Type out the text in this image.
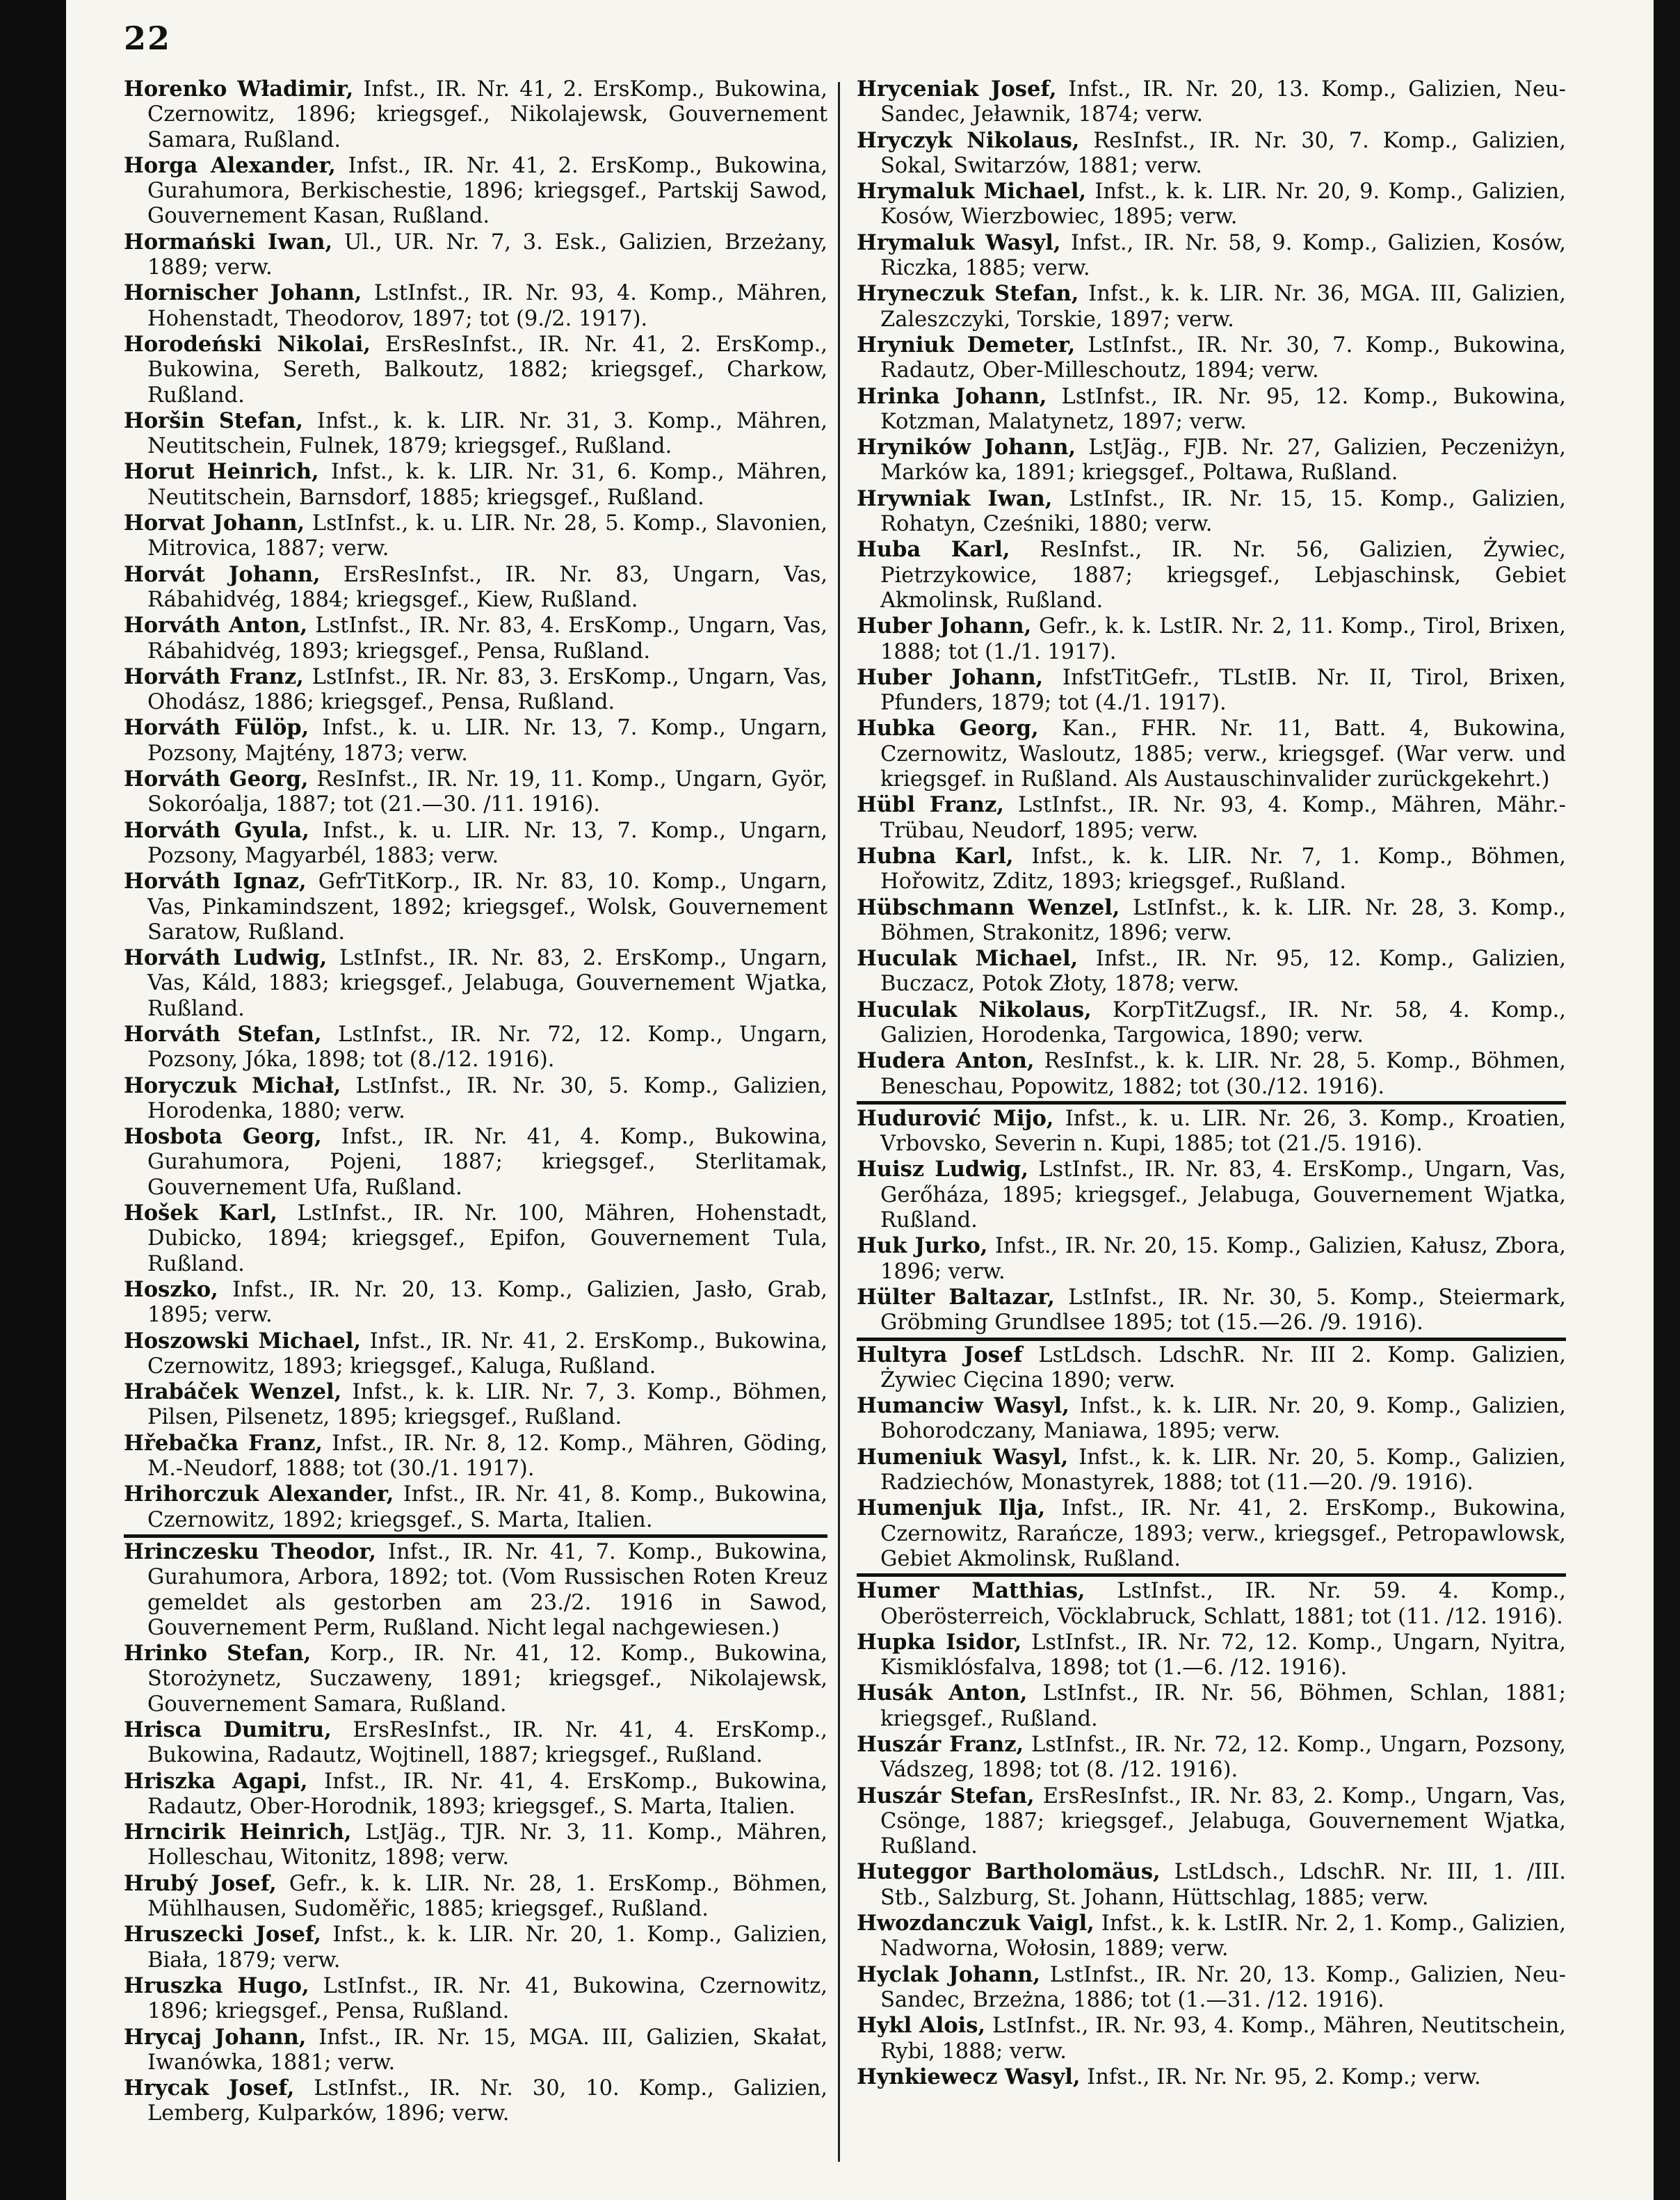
22

Horenko Władimir, Infst., IR. Nr. 41, 2. ErsKomp., Bukowina, Czernowitz, 1896; kriegsgef., Nikolajewsk, Gouvernement Samara, Rußland.

Horga Alexander, Infst., IR. Nr. 41, 2. ErsKomp., Bukowina, Gurahumora, Berkischestie, 1896; kriegsgef., Partskij Sawod, Gouvernement Kasan, Rußland.

Hormański Iwan, Ul., UR. Nr. 7, 3. Esk., Galizien, Brzeżany, 1889; verw.

Hornischer Johann, LstInfst., IR. Nr. 93, 4. Komp., Mähren, Hohenstadt, Theodorov, 1897; tot (9./2. 1917).

Horodeński Nikolai, ErsResInfst., IR. Nr. 41, 2. ErsKomp., Bukowina, Sereth, Balkoutz, 1882; kriegsgef., Charkow, Rußland.

Horšin Stefan, Infst., k. k. LIR. Nr. 31, 3. Komp., Mähren, Neutitschein, Fulnek, 1879; kriegsgef., Rußland.

Horut Heinrich, Infst., k. k. LIR. Nr. 31, 6. Komp., Mähren, Neutitschein, Barnsdorf, 1885; kriegsgef., Rußland.

Horvat Johann, LstInfst., k. u. LIR. Nr. 28, 5. Komp., Slavonien, Mitrovica, 1887; verw.

Horvát Johann, ErsResInfst., IR. Nr. 83, Ungarn, Vas, Rábahidvég, 1884; kriegsgef., Kiew, Rußland.

Horváth Anton, LstInfst., IR. Nr. 83, 4. ErsKomp., Ungarn, Vas, Rábahidvég, 1893; kriegsgef., Pensa, Rußland.

Horváth Franz, LstInfst., IR. Nr. 83, 3. ErsKomp., Ungarn, Vas, Ohodász, 1886; kriegsgef., Pensa, Rußland.

Horváth Fülöp, Infst., k. u. LIR. Nr. 13, 7. Komp., Ungarn, Pozsony, Majtény, 1873; verw.

Horváth Georg, ResInfst., IR. Nr. 19, 11. Komp., Ungarn, Györ, Sokoróalja, 1887; tot (21.—30. /11. 1916).

Horváth Gyula, Infst., k. u. LIR. Nr. 13, 7. Komp., Ungarn, Pozsony, Magyarbél, 1883; verw.

Horváth Ignaz, GefrTitKorp., IR. Nr. 83, 10. Komp., Ungarn, Vas, Pinkamindszent, 1892; kriegsgef., Wolsk, Gouvernement Saratow, Rußland.

Horváth Ludwig, LstInfst., IR. Nr. 83, 2. ErsKomp., Ungarn, Vas, Káld, 1883; kriegsgef., Jelabuga, Gouvernement Wjatka, Rußland.

Horváth Stefan, LstInfst., IR. Nr. 72, 12. Komp., Ungarn, Pozsony, Jóka, 1898; tot (8./12. 1916).

Horyczuk Michał, LstInfst., IR. Nr. 30, 5. Komp., Galizien, Horodenka, 1880; verw.

Hosbota Georg, Infst., IR. Nr. 41, 4. Komp., Bukowina, Gurahumora, Pojeni, 1887; kriegsgef., Sterlitamak, Gouvernement Ufa, Rußland.

Hošek Karl, LstInfst., IR. Nr. 100, Mähren, Hohenstadt, Dubicko, 1894; kriegsgef., Epifon, Gouvernement Tula, Rußland.

Hoszko, Infst., IR. Nr. 20, 13. Komp., Galizien, Jasło, Grab, 1895; verw.

Hoszowski Michael, Infst., IR. Nr. 41, 2. ErsKomp., Bukowina, Czernowitz, 1893; kriegsgef., Kaluga, Rußland.

Hrabáček Wenzel, Infst., k. k. LIR. Nr. 7, 3. Komp., Böhmen, Pilsen, Pilsenetz, 1895; kriegsgef., Rußland.

Hřebačka Franz, Infst., IR. Nr. 8, 12. Komp., Mähren, Göding, M.-Neudorf, 1888; tot (30./1. 1917).

Hrihorczuk Alexander, Infst., IR. Nr. 41, 8. Komp., Bukowina, Czernowitz, 1892; kriegsgef., S. Marta, Italien.

Hrinczesku Theodor, Infst., IR. Nr. 41, 7. Komp., Bukowina, Gurahumora, Arbora, 1892; tot. (Vom Russischen Roten Kreuz gemeldet als gestorben am 23./2. 1916 in Sawod, Gouvernement Perm, Rußland. Nicht legal nachgewiesen.)

Hrinko Stefan, Korp., IR. Nr. 41, 12. Komp., Bukowina, Storożynetz, Suczaweny, 1891; kriegsgef., Nikolajewsk, Gouvernement Samara, Rußland.

Hrisca Dumitru, ErsResInfst., IR. Nr. 41, 4. ErsKomp., Bukowina, Radautz, Wojtinell, 1887; kriegsgef., Rußland.

Hriszka Agapi, Infst., IR. Nr. 41, 4. ErsKomp., Bukowina, Radautz, Ober-Horodnik, 1893; kriegsgef., S. Marta, Italien.

Hrncirik Heinrich, LstJäg., TJR. Nr. 3, 11. Komp., Mähren, Holleschau, Witonitz, 1898; verw.

Hrubý Josef, Gefr., k. k. LIR. Nr. 28, 1. ErsKomp., Böhmen, Mühlhausen, Sudoměřic, 1885; kriegsgef., Rußland.

Hruszecki Josef, Infst., k. k. LIR. Nr. 20, 1. Komp., Galizien, Biała, 1879; verw.

Hruszka Hugo, LstInfst., IR. Nr. 41, Bukowina, Czernowitz, 1896; kriegsgef., Pensa, Rußland.

Hrycaj Johann, Infst., IR. Nr. 15, MGA. III, Galizien, Skałat, Iwanówka, 1881; verw.

Hrycak Josef, LstInfst., IR. Nr. 30, 10. Komp., Galizien, Lemberg, Kulparków, 1896; verw.

Hryceniak Josef, Infst., IR. Nr. 20, 13. Komp., Galizien, Neu-Sandec, Jeławnik, 1874; verw.

Hryczyk Nikolaus, ResInfst., IR. Nr. 30, 7. Komp., Galizien, Sokal, Switarzów, 1881; verw.

Hrymaluk Michael, Infst., k. k. LIR. Nr. 20, 9. Komp., Galizien, Kosów, Wierzbowiec, 1895; verw.

Hrymaluk Wasyl, Infst., IR. Nr. 58, 9. Komp., Galizien, Kosów, Riczka, 1885; verw.

Hryneczuk Stefan, Infst., k. k. LIR. Nr. 36, MGA. III, Galizien, Zaleszczyki, Torskie, 1897; verw.

Hryniuk Demeter, LstInfst., IR. Nr. 30, 7. Komp., Bukowina, Radautz, Ober-Milleschoutz, 1894; verw.

Hrinka Johann, LstInfst., IR. Nr. 95, 12. Komp., Bukowina, Kotzman, Malatynetz, 1897; verw.

Hryników Johann, LstJäg., FJB. Nr. 27, Galizien, Peczeniżyn, Marków ka, 1891; kriegsgef., Poltawa, Rußland.

Hrywniak Iwan, LstInfst., IR. Nr. 15, 15. Komp., Galizien, Rohatyn, Cześniki, 1880; verw.

Huba Karl, ResInfst., IR. Nr. 56, Galizien, Żywiec, Pietrzykowice, 1887; kriegsgef., Lebjaschinsk, Gebiet Akmolinsk, Rußland.

Huber Johann, Gefr., k. k. LstIR. Nr. 2, 11. Komp., Tirol, Brixen, 1888; tot (1./1. 1917).

Huber Johann, InfstTitGefr., TLstIB. Nr. II, Tirol, Brixen, Pfunders, 1879; tot (4./1. 1917).

Hubka Georg, Kan., FHR. Nr. 11, Batt. 4, Bukowina, Czernowitz, Wasloutz, 1885; verw., kriegsgef. (War verw. und kriegsgef. in Rußland. Als Austauschinvalider zurückgekehrt.)

Hübl Franz, LstInfst., IR. Nr. 93, 4. Komp., Mähren, Mähr.-Trübau, Neudorf, 1895; verw.

Hubna Karl, Infst., k. k. LIR. Nr. 7, 1. Komp., Böhmen, Hořowitz, Zditz, 1893; kriegsgef., Rußland.

Hübschmann Wenzel, LstInfst., k. k. LIR. Nr. 28, 3. Komp., Böhmen, Strakonitz, 1896; verw.

Huculak Michael, Infst., IR. Nr. 95, 12. Komp., Galizien, Buczacz, Potok Złoty, 1878; verw.

Huculak Nikolaus, KorpTitZugsf., IR. Nr. 58, 4. Komp., Galizien, Horodenka, Targowica, 1890; verw.

Hudera Anton, ResInfst., k. k. LIR. Nr. 28, 5. Komp., Böhmen, Beneschau, Popowitz, 1882; tot (30./12. 1916).

Hudurović Mijo, Infst., k. u. LIR. Nr. 26, 3. Komp., Kroatien, Vrbovsko, Severin n. Kupi, 1885; tot (21./5. 1916).

Huisz Ludwig, LstInfst., IR. Nr. 83, 4. ErsKomp., Ungarn, Vas, Gerőháza, 1895; kriegsgef., Jelabuga, Gouvernement Wjatka, Rußland.

Huk Jurko, Infst., IR. Nr. 20, 15. Komp., Galizien, Kałusz, Zbora, 1896; verw.

Hülter Baltazar, LstInfst., IR. Nr. 30, 5. Komp., Steiermark, Gröbming Grundlsee 1895; tot (15.—26. /9. 1916).

Hultyra Josef LstLdsch. LdschR. Nr. III 2. Komp. Galizien, Żywiec Cięcina 1890; verw.

Humanciw Wasyl, Infst., k. k. LIR. Nr. 20, 9. Komp., Galizien, Bohorodczany, Maniawa, 1895; verw.

Humeniuk Wasyl, Infst., k. k. LIR. Nr. 20, 5. Komp., Galizien, Radziechów, Monastyrek, 1888; tot (11.—20. /9. 1916).

Humenjuk Ilja, Infst., IR. Nr. 41, 2. ErsKomp., Bukowina, Czernowitz, Rarańcze, 1893; verw., kriegsgef., Petropawlowsk, Gebiet Akmolinsk, Rußland.

Humer Matthias, LstInfst., IR. Nr. 59. 4. Komp., Oberösterreich, Vöcklabruck, Schlatt, 1881; tot (11. /12. 1916).

Hupka Isidor, LstInfst., IR. Nr. 72, 12. Komp., Ungarn, Nyitra, Kismiklósfalva, 1898; tot (1.—6. /12. 1916).

Husák Anton, LstInfst., IR. Nr. 56, Böhmen, Schlan, 1881; kriegsgef., Rußland.

Huszár Franz, LstInfst., IR. Nr. 72, 12. Komp., Ungarn, Pozsony, Vádszeg, 1898; tot (8. /12. 1916).

Huszár Stefan, ErsResInfst., IR. Nr. 83, 2. Komp., Ungarn, Vas, Csönge, 1887; kriegsgef., Jelabuga, Gouvernement Wjatka, Rußland.

Huteggor Bartholomäus, LstLdsch., LdschR. Nr. III, 1. /III. Stb., Salzburg, St. Johann, Hüttschlag, 1885; verw.

Hwozdanczuk Vaigl, Infst., k. k. LstIR. Nr. 2, 1. Komp., Galizien, Nadworna, Wołosin, 1889; verw.

Hyclak Johann, LstInfst., IR. Nr. 20, 13. Komp., Galizien, Neu-Sandec, Brzeżna, 1886; tot (1.—31. /12. 1916).

Hykl Alois, LstInfst., IR. Nr. 93, 4. Komp., Mähren, Neutitschein, Rybi, 1888; verw.

Hynkiewecz Wasyl, Infst., IR. Nr. Nr. 95, 2. Komp.; verw.
